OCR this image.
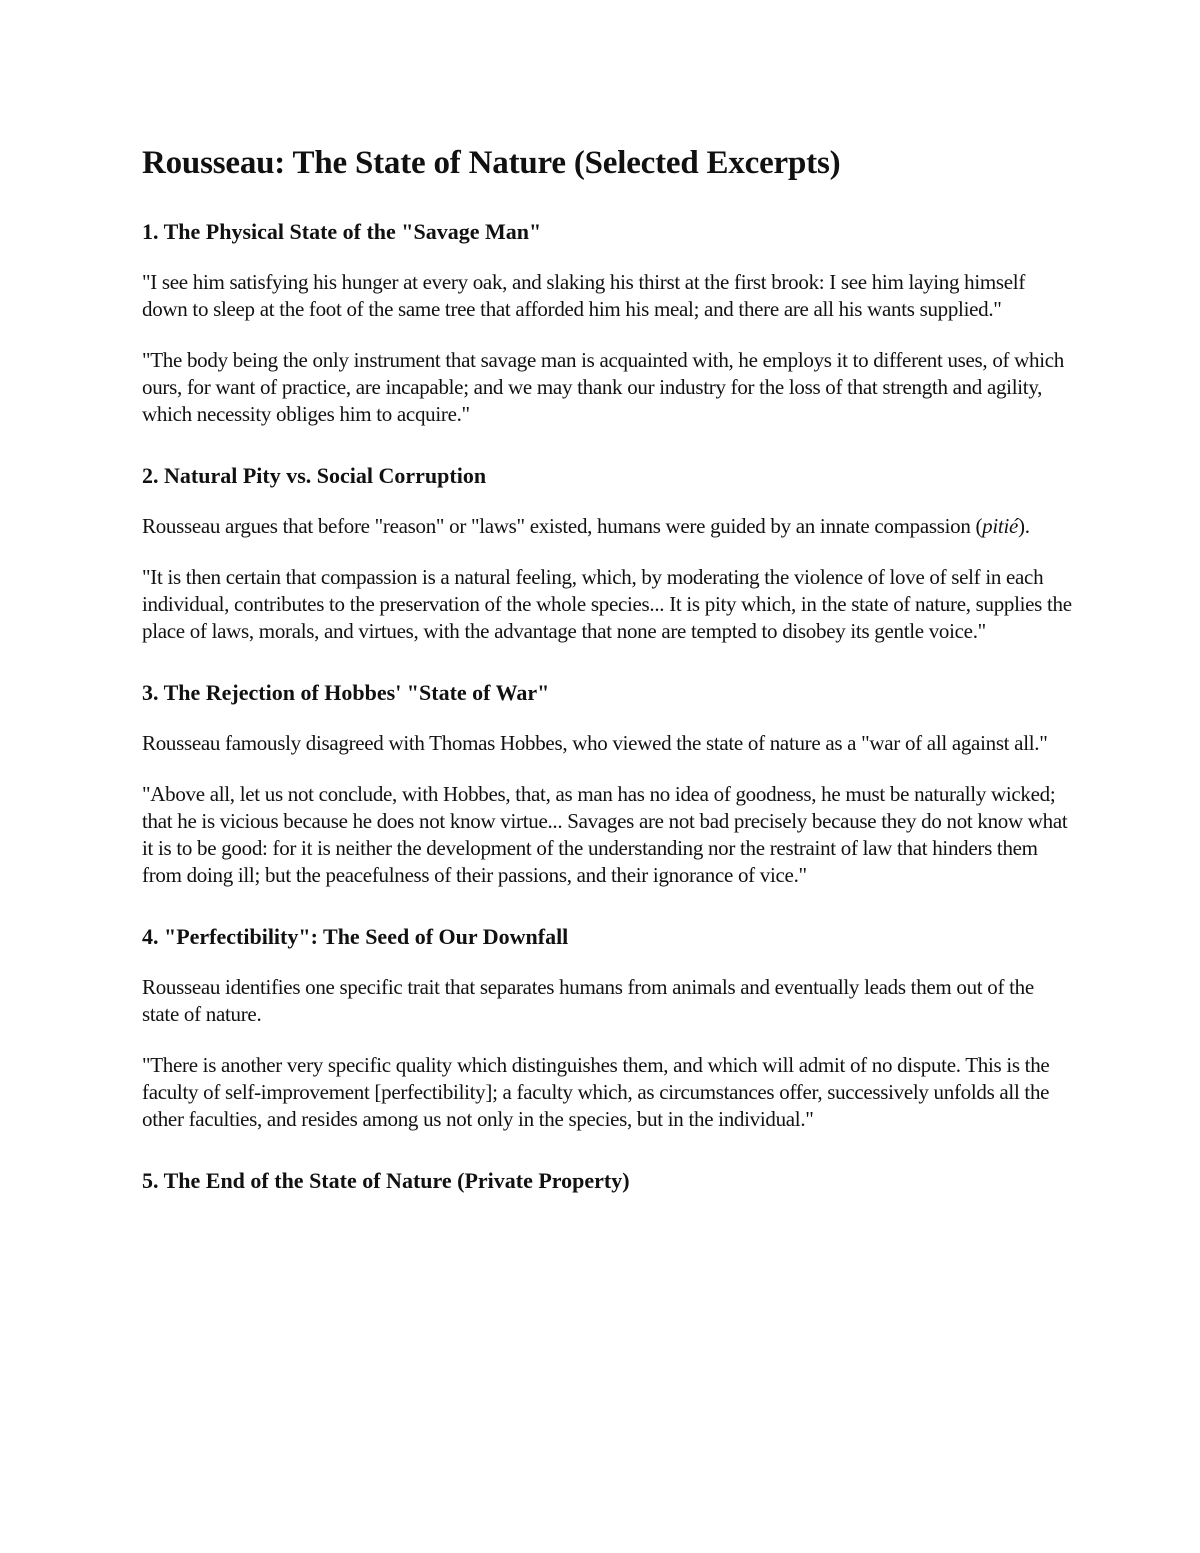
Rousseau: The State of Nature (Selected Excerpts)
1. The Physical State of the "Savage Man"

"I see him satisfying his hunger at every oak, and slaking his thirst at the first brook: I see him laying himself down to sleep at the foot of the same tree that afforded him his meal; and there are all his wants supplied."

"The body being the only instrument that savage man is acquainted with, he employs it to different uses, of which ours, for want of practice, are incapable; and we may thank our industry for the loss of that strength and agility, which necessity obliges him to acquire."

2. Natural Pity vs. Social Corruption

Rousseau argues that before "reason" or "laws" existed, humans were guided by an innate compassion (pitié).

"It is then certain that compassion is a natural feeling, which, by moderating the violence of love of self in each individual, contributes to the preservation of the whole species... It is pity which, in the state of nature, supplies the place of laws, morals, and virtues, with the advantage that none are tempted to disobey its gentle voice."

3. The Rejection of Hobbes' "State of War"

Rousseau famously disagreed with Thomas Hobbes, who viewed the state of nature as a "war of all against all."

"Above all, let us not conclude, with Hobbes, that, as man has no idea of goodness, he must be naturally wicked; that he is vicious because he does not know virtue... Savages are not bad precisely because they do not know what it is to be good: for it is neither the development of the understanding nor the restraint of law that hinders them from doing ill; but the peacefulness of their passions, and their ignorance of vice."

4. "Perfectibility": The Seed of Our Downfall

Rousseau identifies one specific trait that separates humans from animals and eventually leads them out of the state of nature.

"There is another very specific quality which distinguishes them, and which will admit of no dispute. This is the faculty of self-improvement [perfectibility]; a faculty which, as circumstances offer, successively unfolds all the other faculties, and resides among us not only in the species, but in the individual."

5. The End of the State of Nature (Private Property)
